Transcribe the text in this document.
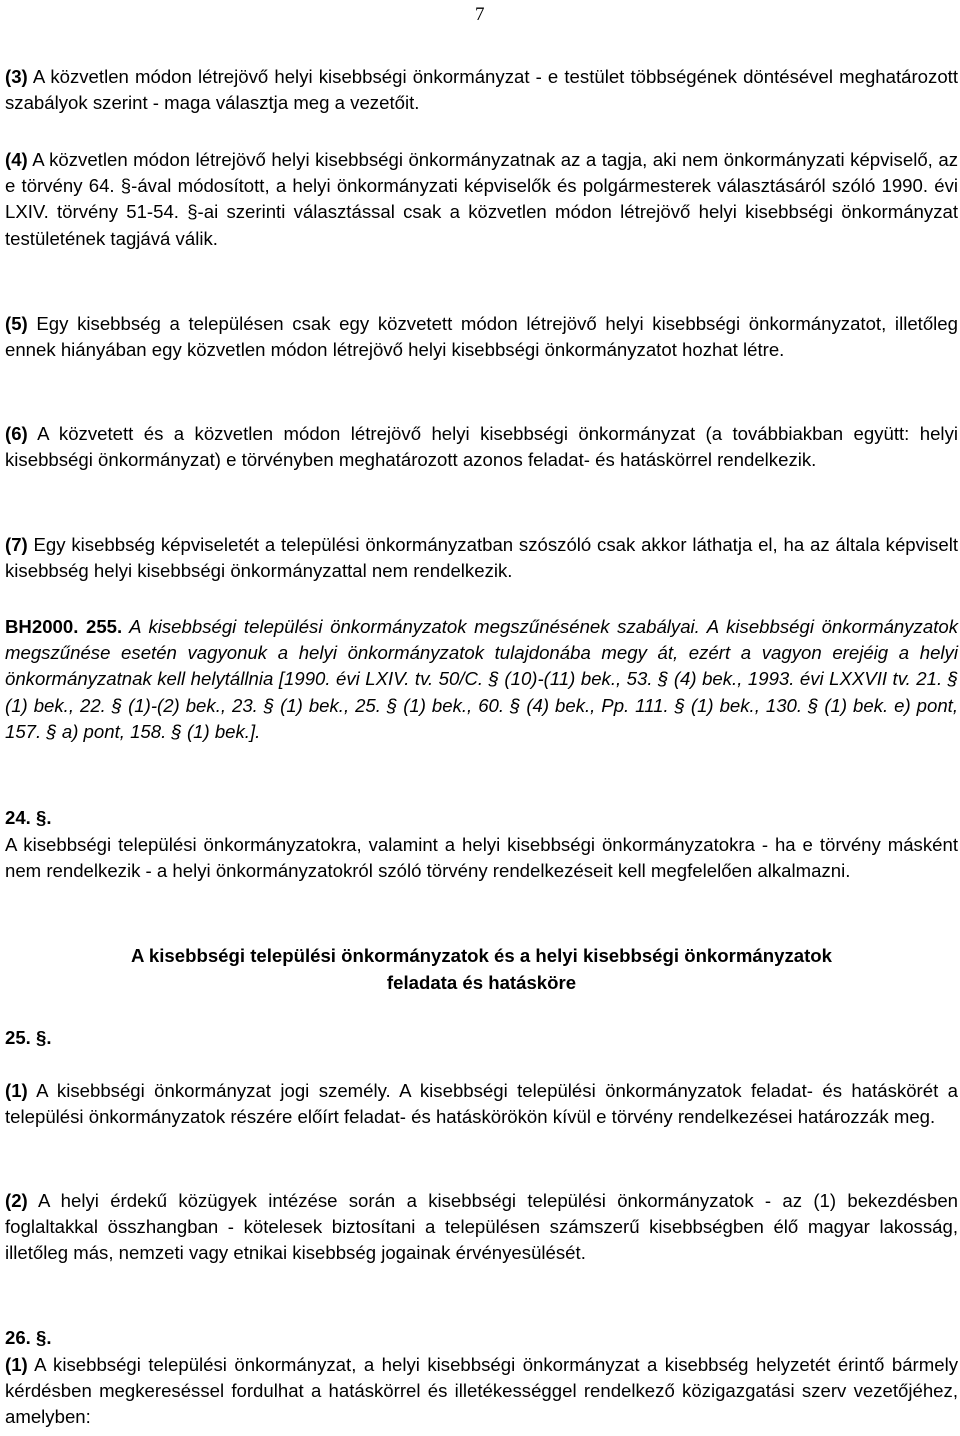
7

(3) A közvetlen módon létrejövő helyi kisebbségi önkormányzat - e testület többségének döntésével meghatározott szabályok szerint - maga választja meg a vezetőit.

(4) A közvetlen módon létrejövő helyi kisebbségi önkormányzatnak az a tagja, aki nem önkormányzati képviselő, az e törvény 64. §-ával módosított, a helyi önkormányzati képviselők és polgármesterek választásáról szóló 1990. évi LXIV. törvény 51-54. §-ai szerinti választással csak a közvetlen módon létrejövő helyi kisebbségi önkormányzat testületének tagjává válik.

(5) Egy kisebbség a településen csak egy közvetett módon létrejövő helyi kisebbségi önkormányzatot, illetőleg ennek hiányában egy közvetlen módon létrejövő helyi kisebbségi önkormányzatot hozhat létre.

(6) A közvetett és a közvetlen módon létrejövő helyi kisebbségi önkormányzat (a továbbiakban együtt: helyi kisebbségi önkormányzat) e törvényben meghatározott azonos feladat- és hatáskörrel rendelkezik.

(7) Egy kisebbség képviseletét a települési önkormányzatban szószóló csak akkor láthatja el, ha az általa képviselt kisebbség helyi kisebbségi önkormányzattal nem rendelkezik.

BH2000. 255. A kisebbségi települési önkormányzatok megszűnésének szabályai. A kisebbségi önkormányzatok megszűnése esetén vagyonuk a helyi önkormányzatok tulajdonába megy át, ezért a vagyon erejéig a helyi önkormányzatnak kell helytállnia [1990. évi LXIV. tv. 50/C. § (10)-(11) bek., 53. § (4) bek., 1993. évi LXXVII tv. 21. § (1) bek., 22. § (1)-(2) bek., 23. § (1) bek., 25. § (1) bek., 60. § (4) bek., Pp. 111. § (1) bek., 130. § (1) bek. e) pont, 157. § a) pont, 158. § (1) bek.].

24. §.

A kisebbségi települési önkormányzatokra, valamint a helyi kisebbségi önkormányzatokra - ha e törvény másként nem rendelkezik - a helyi önkormányzatokról szóló törvény rendelkezéseit kell megfelelően alkalmazni.

A kisebbségi települési önkormányzatok és a helyi kisebbségi önkormányzatok

feladata és hatásköre

25. §.

(1) A kisebbségi önkormányzat jogi személy. A kisebbségi települési önkormányzatok feladat- és hatáskörét a települési önkormányzatok részére előírt feladat- és hatáskörökön kívül e törvény rendelkezései határozzák meg.

(2) A helyi érdekű közügyek intézése során a kisebbségi települési önkormányzatok - az (1) bekezdésben foglaltakkal összhangban - kötelesek biztosítani a településen számszerű kisebbségben élő magyar lakosság, illetőleg más, nemzeti vagy etnikai kisebbség jogainak érvényesülését.

26. §.

(1) A kisebbségi települési önkormányzat, a helyi kisebbségi önkormányzat a kisebbség helyzetét érintő bármely kérdésben megkereséssel fordulhat a hatáskörrel és illetékességgel rendelkező közigazgatási szerv vezetőjéhez, amelyben:
